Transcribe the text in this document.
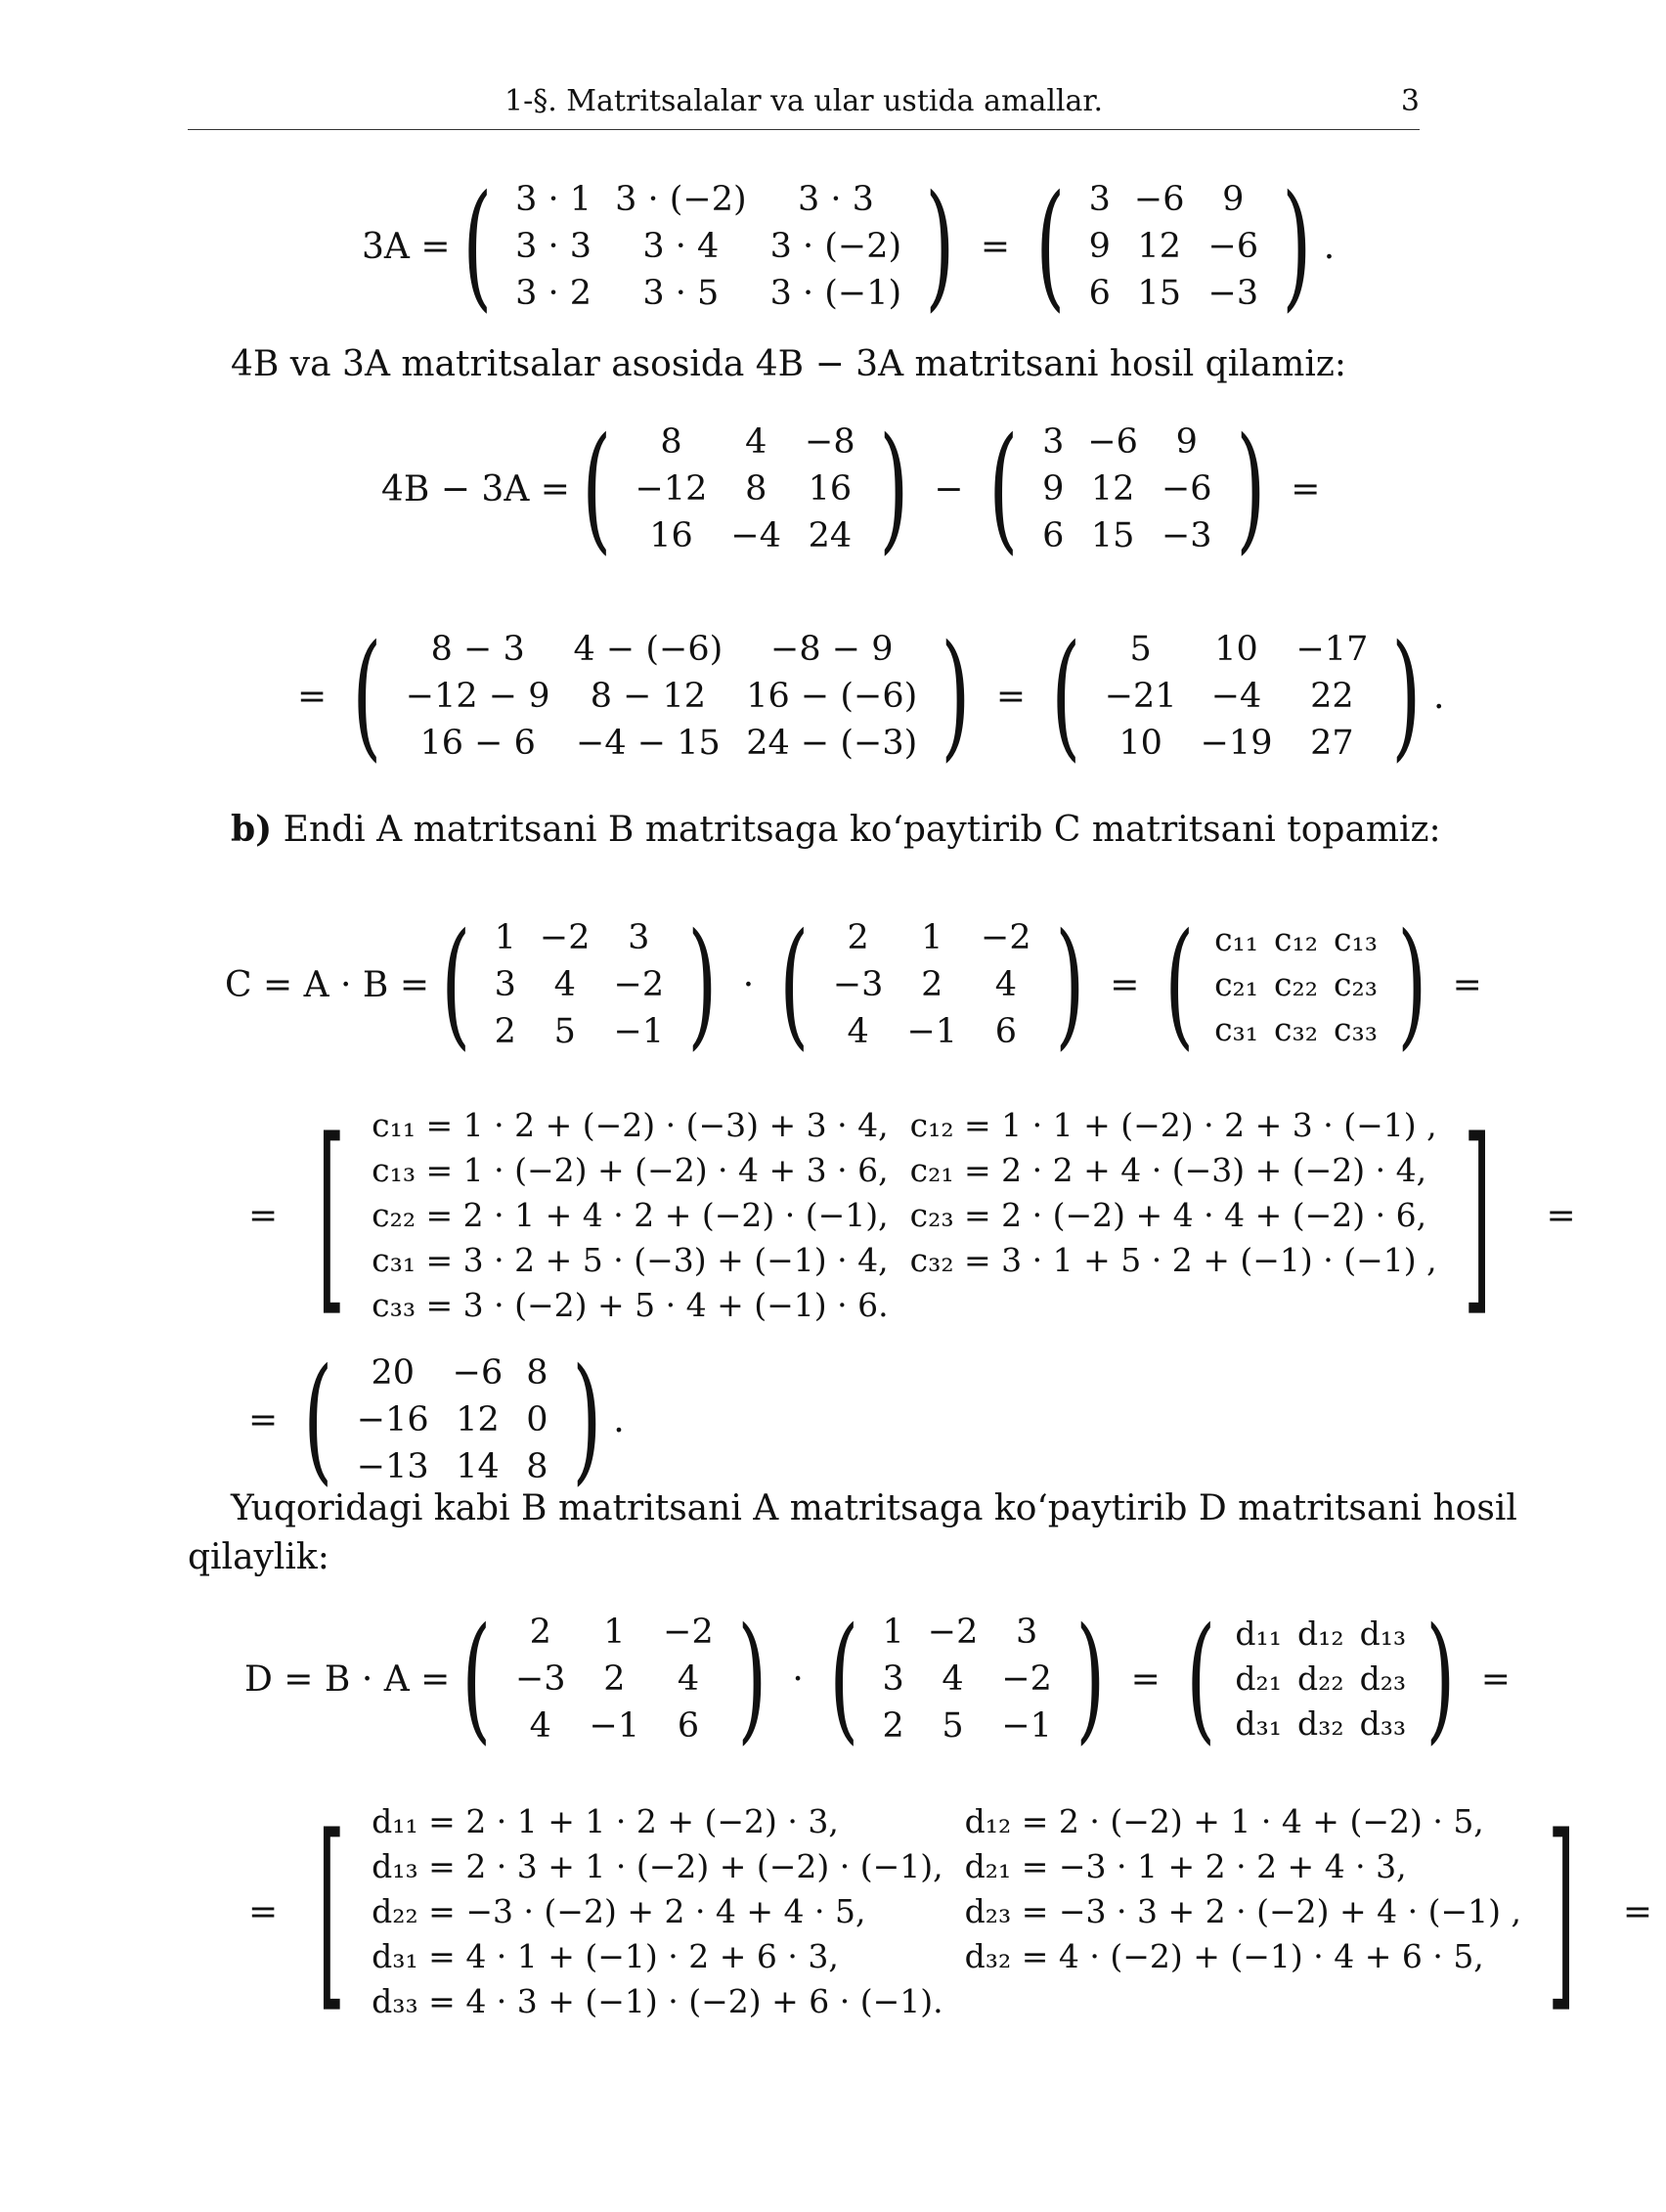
1-§. Matritsalalar va ular ustida amallar.	3
3A = ( 3 · 1	3 · (−2)	3 · 3
3 · 3	3 · 4	3 · (−2)
3 · 2	3 · 5	3 · (−1) ) = ( 3	−6	9
9	12	−6
6	15	−3 ) .
4B va 3A matritsalar asosida 4B − 3A matritsani hosil qilamiz:
4B − 3A = ( 8	4	−8
−12	8	16
16	−4	24 ) − ( 3	−6	9
9	12	−6
6	15	−3 ) =
= ( 8 − 3	4 − (−6)	−8 − 9
−12 − 9	8 − 12	16 − (−6)
16 − 6	−4 − 15	24 − (−3) ) = ( 5	10	−17
−21	−4	22
10	−19	27 ) .
b) Endi A matritsani B matritsaga ko‘paytirib C matritsani topamiz:
C = A · B = ( 1	−2	3
3	4	−2
2	5	−1 ) · ( 2	1	−2
−3	2	4
4	−1	6 ) = ( c₁₁	c₁₂	c₁₃
c₂₁	c₂₂	c₂₃
c₃₁	c₃₂	c₃₃ ) =
= [ c₁₁ = 1 · 2 + (−2) · (−3) + 3 · 4, c₁₂ = 1 · 1 + (−2) · 2 + 3 · (−1) ,
c₁₃ = 1 · (−2) + (−2) · 4 + 3 · 6, c₂₁ = 2 · 2 + 4 · (−3) + (−2) · 4,
c₂₂ = 2 · 1 + 4 · 2 + (−2) · (−1), c₂₃ = 2 · (−2) + 4 · 4 + (−2) · 6,
c₃₁ = 3 · 2 + 5 · (−3) + (−1) · 4, c₃₂ = 3 · 1 + 5 · 2 + (−1) · (−1) ,
c₃₃ = 3 · (−2) + 5 · 4 + (−1) · 6.	] =
= ( 20	−6	8
−16	12	0
−13	14	8 ) .
Yuqoridagi kabi B matritsani A matritsaga ko‘paytirib D matritsani hosil
qilaylik:
D = B · A = ( 2	1	−2
−3	2	4
4	−1	6 ) · ( 1	−2	3
3	4	−2
2	5	−1 ) = ( d₁₁	d₁₂	d₁₃
d₂₁	d₂₂	d₂₃
d₃₁	d₃₂	d₃₃ ) =
= [ d₁₁ = 2 · 1 + 1 · 2 + (−2) · 3,	d₁₂ = 2 · (−2) + 1 · 4 + (−2) · 5,
d₁₃ = 2 · 3 + 1 · (−2) + (−2) · (−1), d₂₁ = −3 · 1 + 2 · 2 + 4 · 3,
d₂₂ = −3 · (−2) + 2 · 4 + 4 · 5,	d₂₃ = −3 · 3 + 2 · (−2) + 4 · (−1) ,
d₃₁ = 4 · 1 + (−1) · 2 + 6 · 3,	d₃₂ = 4 · (−2) + (−1) · 4 + 6 · 5,
d₃₃ = 4 · 3 + (−1) · (−2) + 6 · (−1).	] =
